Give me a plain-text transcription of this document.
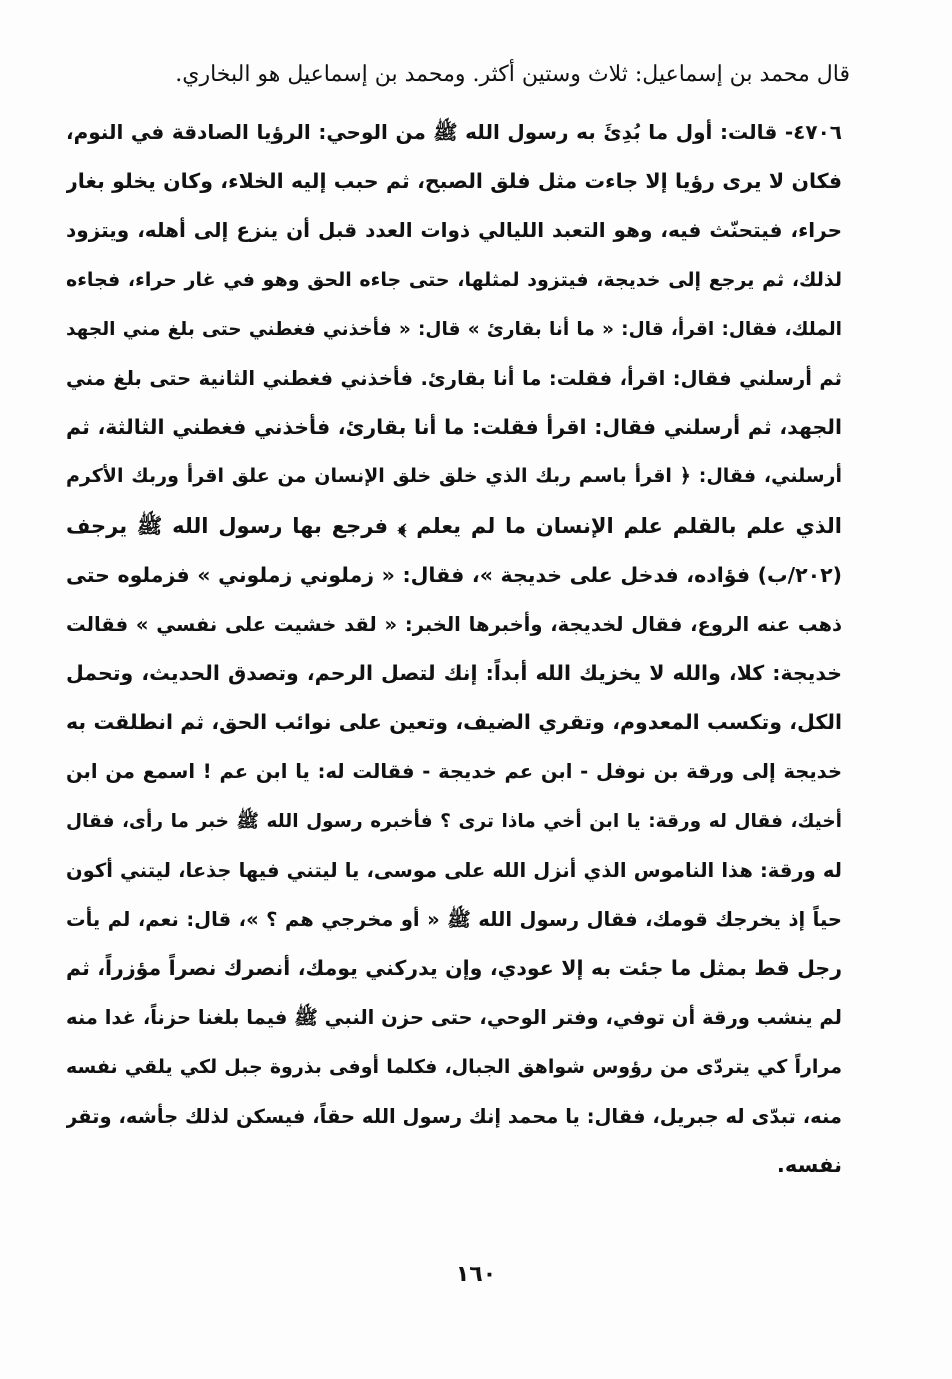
قال محمد بن إسماعيل: ثلاث وستين أكثر. ومحمد بن إسماعيل هو البخاري.
٤٧٠٦- قالت: أول ما بُدِئَ به رسول الله ﷺ من الوحي: الرؤيا الصادقة في النوم،
فكان لا يرى رؤيا إلا جاءت مثل فلق الصبح، ثم حبب إليه الخلاء، وكان يخلو بغار
حراء، فيتحنّث فيه، وهو التعبد الليالي ذوات العدد قبل أن ينزع إلى أهله، ويتزود
لذلك، ثم يرجع إلى خديجة، فيتزود لمثلها، حتى جاءه الحق وهو في غار حراء، فجاءه
الملك، فقال: اقرأ، قال: « ما أنا بقارئ » قال: « فأخذني فغطني حتى بلغ مني الجهد
ثم أرسلني فقال: اقرأ، فقلت: ما أنا بقارئ. فأخذني فغطني الثانية حتى بلغ مني
الجهد، ثم أرسلني فقال: اقرأ فقلت: ما أنا بقارئ، فأخذني فغطني الثالثة، ثم
أرسلني، فقال: ﴿ اقرأ باسم ربك الذي خلق خلق الإنسان من علق اقرأ وربك الأكرم
الذي علم بالقلم علم الإنسان ما لم يعلم ﴾ فرجع بها رسول الله ﷺ يرجف
(٢٠٢/ب) فؤاده، فدخل على خديجة »، فقال: « زملوني زملوني » فزملوه حتى
ذهب عنه الروع، فقال لخديجة، وأخبرها الخبر: « لقد خشيت على نفسي » فقالت
خديجة: كلا، والله لا يخزيك الله أبداً: إنك لتصل الرحم، وتصدق الحديث، وتحمل
الكل، وتكسب المعدوم، وتقري الضيف، وتعين على نوائب الحق، ثم انطلقت به
خديجة إلى ورقة بن نوفل - ابن عم خديجة - فقالت له: يا ابن عم ! اسمع من ابن
أخيك، فقال له ورقة: يا ابن أخي ماذا ترى ؟ فأخبره رسول الله ﷺ خبر ما رأى، فقال
له ورقة: هذا الناموس الذي أنزل الله على موسى، يا ليتني فيها جذعا، ليتني أكون
حياً إذ يخرجك قومك، فقال رسول الله ﷺ « أو مخرجي هم ؟ »، قال: نعم، لم يأت
رجل قط بمثل ما جئت به إلا عودي، وإن يدركني يومك، أنصرك نصراً مؤزراً، ثم
لم ينشب ورقة أن توفي، وفتر الوحي، حتى حزن النبي ﷺ فيما بلغنا حزناً، غدا منه
مراراً كي يتردّى من رؤوس شواهق الجبال، فكلما أوفى بذروة جبل لكي يلقي نفسه
منه، تبدّى له جبريل، فقال: يا محمد إنك رسول الله حقاً، فيسكن لذلك جأشه، وتقر
نفسه.
١٦٠
